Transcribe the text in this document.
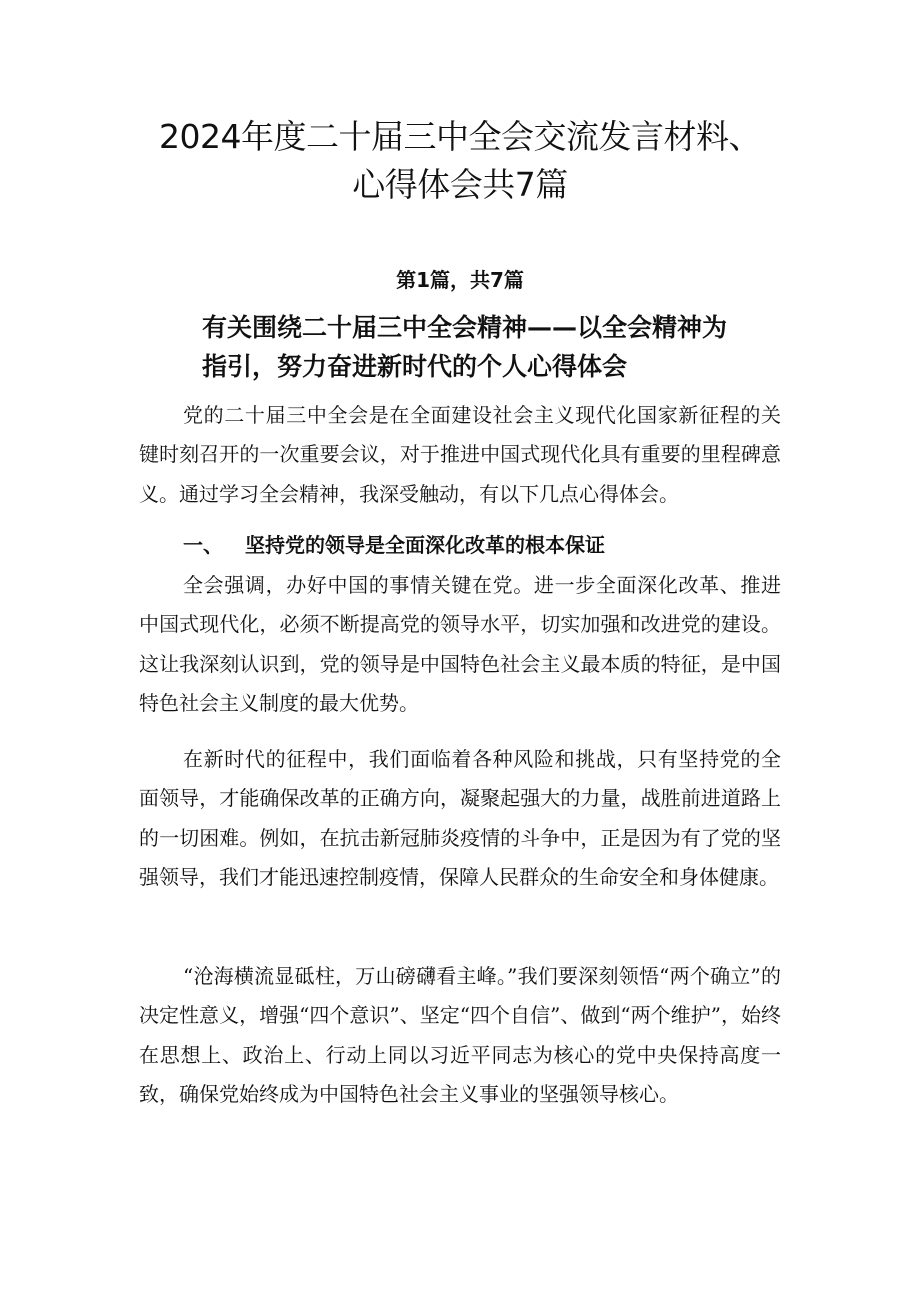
2024年度二十届三中全会交流发言材料、
心得体会共7篇
第1篇，共7篇
有关围绕二十届三中全会精神——以全会精神为
指引，努力奋进新时代的个人心得体会

党的二十届三中全会是在全面建设社会主义现代化国家新征程的关键时刻召开的一次重要会议，对于推进中国式现代化具有重要的里程碑意义。通过学习全会精神，我深受触动，有以下几点心得体会。

一、 坚持党的领导是全面深化改革的根本保证

全会强调，办好中国的事情关键在党。进一步全面深化改革、推进中国式现代化，必须不断提高党的领导水平，切实加强和改进党的建设。这让我深刻认识到，党的领导是中国特色社会主义最本质的特征，是中国特色社会主义制度的最大优势。

在新时代的征程中，我们面临着各种风险和挑战，只有坚持党的全面领导，才能确保改革的正确方向，凝聚起强大的力量，战胜前进道路上的一切困难。例如，在抗击新冠肺炎疫情的斗争中，正是因为有了党的坚强领导，我们才能迅速控制疫情，保障人民群众的生命安全和身体健康。

“沧海横流显砥柱，万山磅礴看主峰。”我们要深刻领悟“两个确立”的决定性意义，增强“四个意识”、坚定“四个自信”、做到“两个维护”，始终在思想上、政治上、行动上同以习近平同志为核心的党中央保持高度一致，确保党始终成为中国特色社会主义事业的坚强领导核心。
